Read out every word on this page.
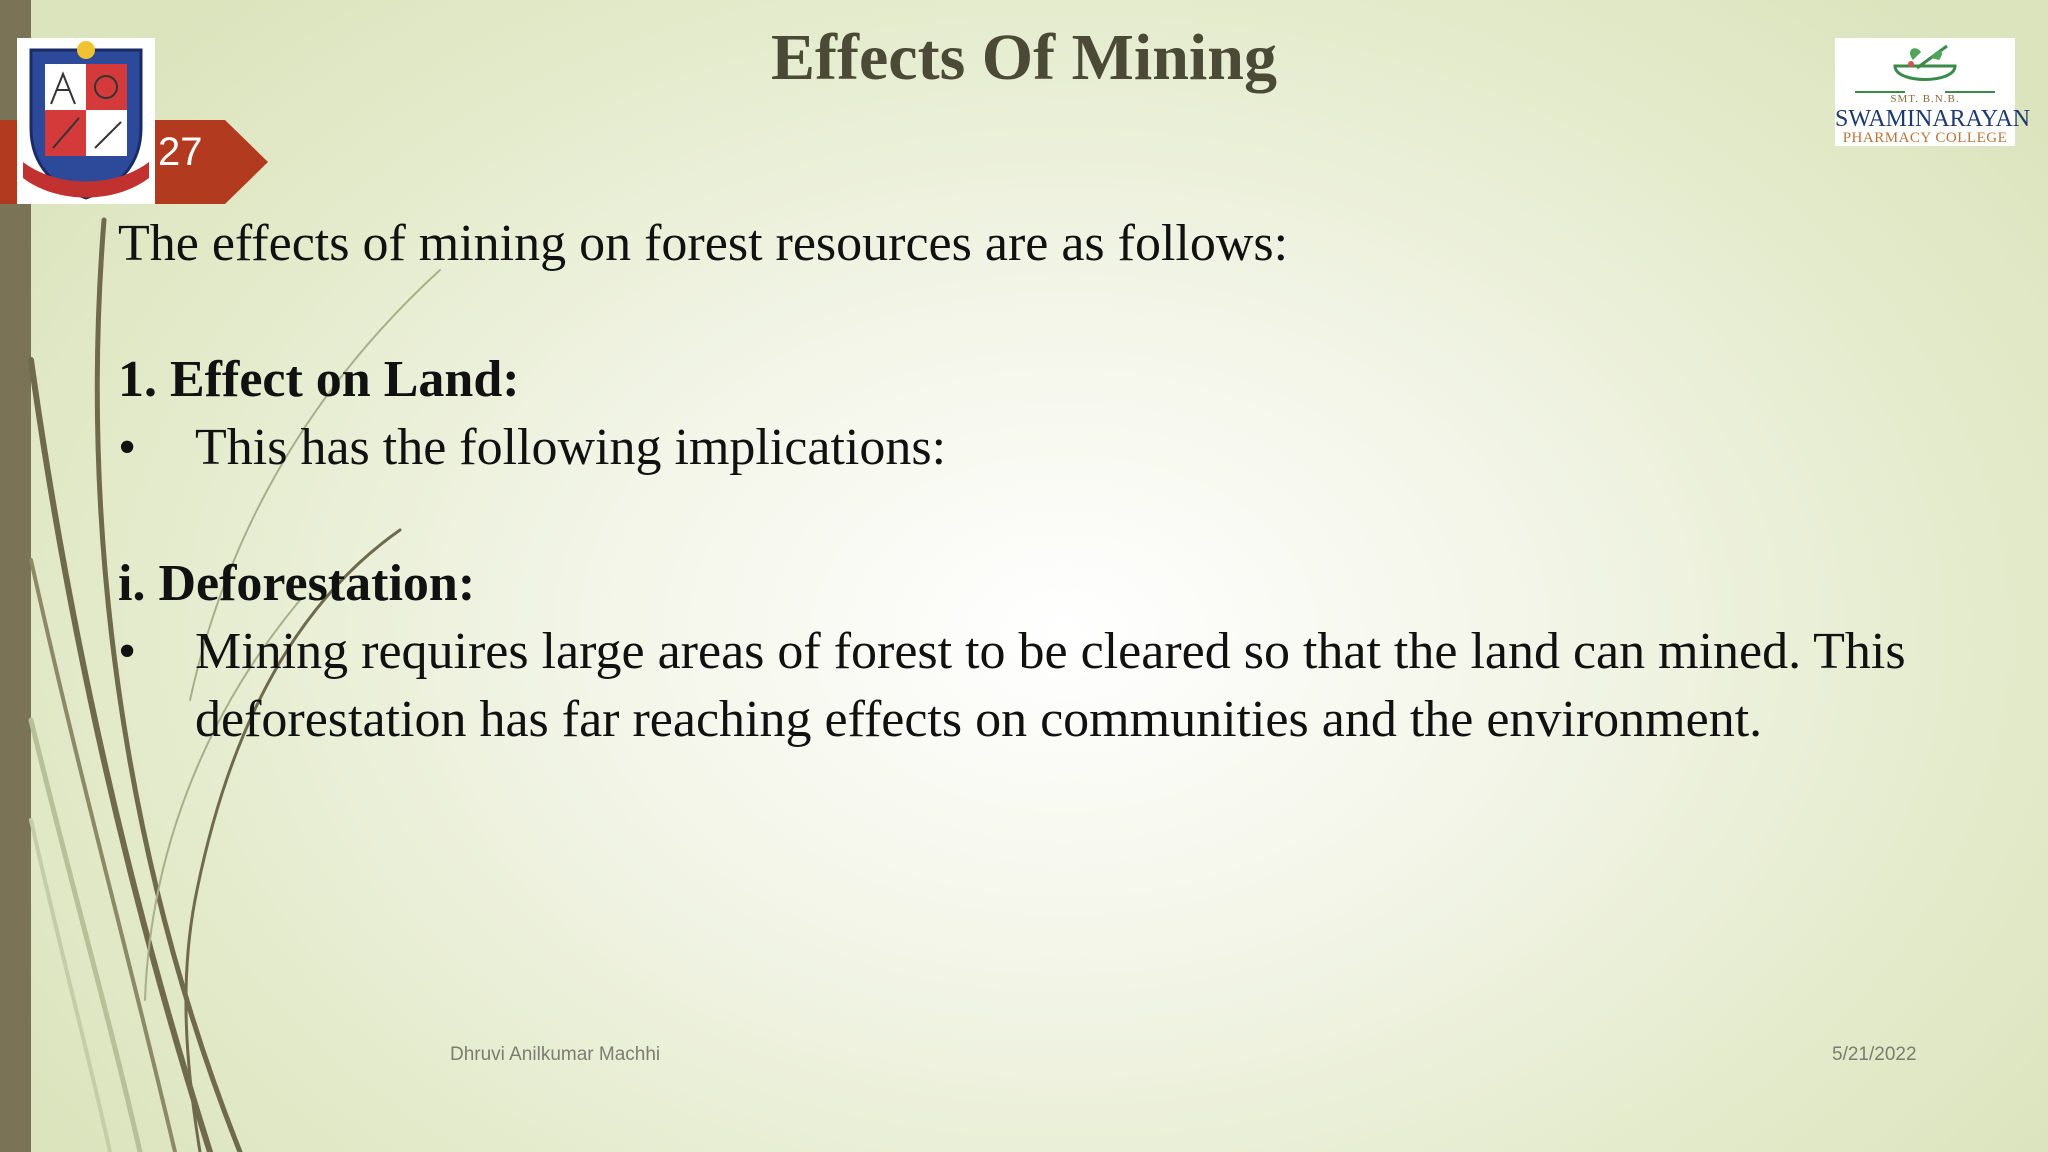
27
SMT. B.N.B.
SWAMINARAYAN
PHARMACY COLLEGE
Effects Of Mining

The effects of mining on forest resources are as follows:

1. Effect on Land:

• This has the following implications:

i. Deforestation:

• Mining requires large areas of forest to be cleared so that the land can mined. This deforestation has far reaching effects on communities and the environment.

Dhruvi Anilkumar Machhi	5/21/2022
